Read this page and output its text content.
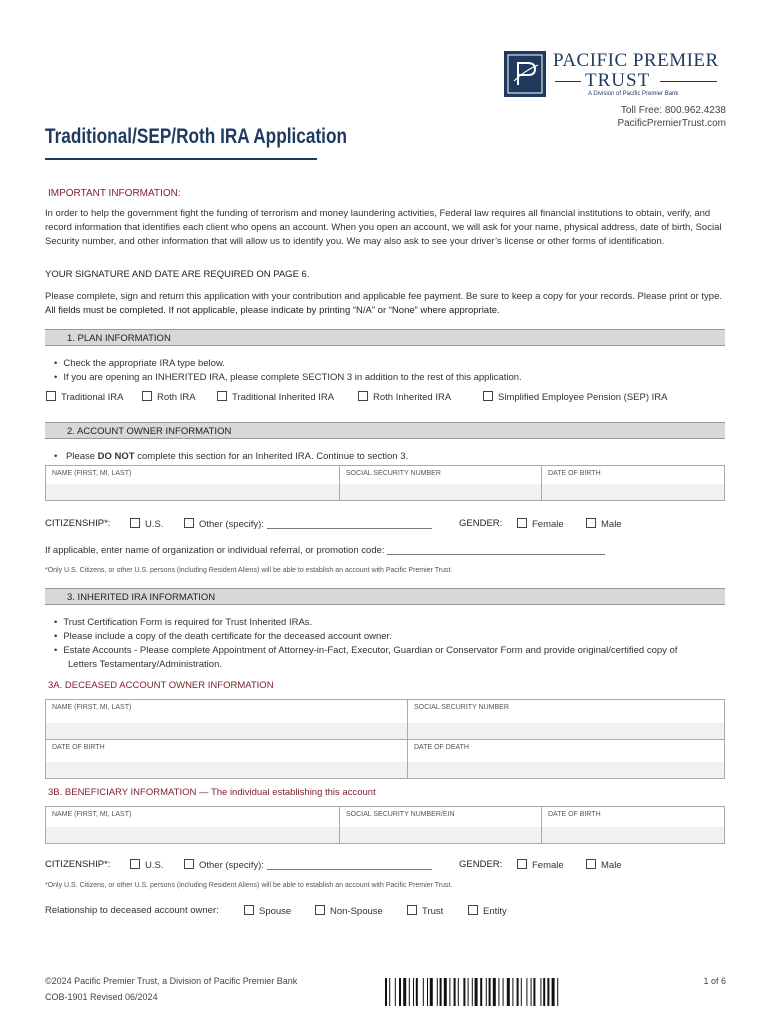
PACIFIC PREMIER
TRUST
A Division of Pacific Premier Bank
Toll Free: 800.962.4238
PacificPremierTrust.com
Traditional/SEP/Roth IRA Application
IMPORTANT INFORMATION:
In order to help the government fight the funding of terrorism and money laundering activities, Federal law requires all financial institutions to obtain, verify, and record information that identifies each client who opens an account. When you open an account, we will ask for your name, physical address, date of birth, Social Security number, and other information that will allow us to identify you. We may also ask to see your driver’s license or other forms of identification.
YOUR SIGNATURE AND DATE ARE REQUIRED ON PAGE 6.
Please complete, sign and return this application with your contribution and applicable fee payment. Be sure to keep a copy for your records. Please print or type. All fields must be completed. If not applicable, please indicate by printing “N/A” or “None” where appropriate.
1. PLAN INFORMATION
• Check the appropriate IRA type below.
• If you are opening an INHERITED IRA, please complete SECTION 3 in addition to the rest of this application.
Traditional IRA	Roth IRA	Traditional Inherited IRA	Roth Inherited IRA	Simplified Employee Pension (SEP) IRA
2. ACCOUNT OWNER INFORMATION
• Please DO NOT complete this section for an Inherited IRA. Continue to section 3.
NAME (FIRST, MI, LAST)	SOCIAL SECURITY NUMBER	DATE OF BIRTH
CITIZENSHIP*:	U.S.	Other (specify):	GENDER:	Female	Male
If applicable, enter name of organization or individual referral, or promotion code:
*Only U.S. Citizens, or other U.S. persons (including Resident Aliens) will be able to establish an account with Pacific Premier Trust.
3. INHERITED IRA INFORMATION
• Trust Certification Form is required for Trust Inherited IRAs.
• Please include a copy of the death certificate for the deceased account owner.
• Estate Accounts - Please complete Appointment of Attorney-in-Fact, Executor, Guardian or Conservator Form and provide original/certified copy of
Letters Testamentary/Administration.
3A. DECEASED ACCOUNT OWNER INFORMATION
NAME (FIRST, MI, LAST)	SOCIAL SECURITY NUMBER
DATE OF BIRTH	DATE OF DEATH
3B. BENEFICIARY INFORMATION — The individual establishing this account
NAME (FIRST, MI, LAST)	SOCIAL SECURITY NUMBER/EIN	DATE OF BIRTH
CITIZENSHIP*:	U.S.	Other (specify):	GENDER:	Female	Male
*Only U.S. Citizens, or other U.S. persons (including Resident Aliens) will be able to establish an account with Pacific Premier Trust.
Relationship to deceased account owner:	Spouse	Non-Spouse	Trust	Entity
©2024 Pacific Premier Trust, a Division of Pacific Premier Bank
COB-1901 Revised 06/2024
1 of 6
